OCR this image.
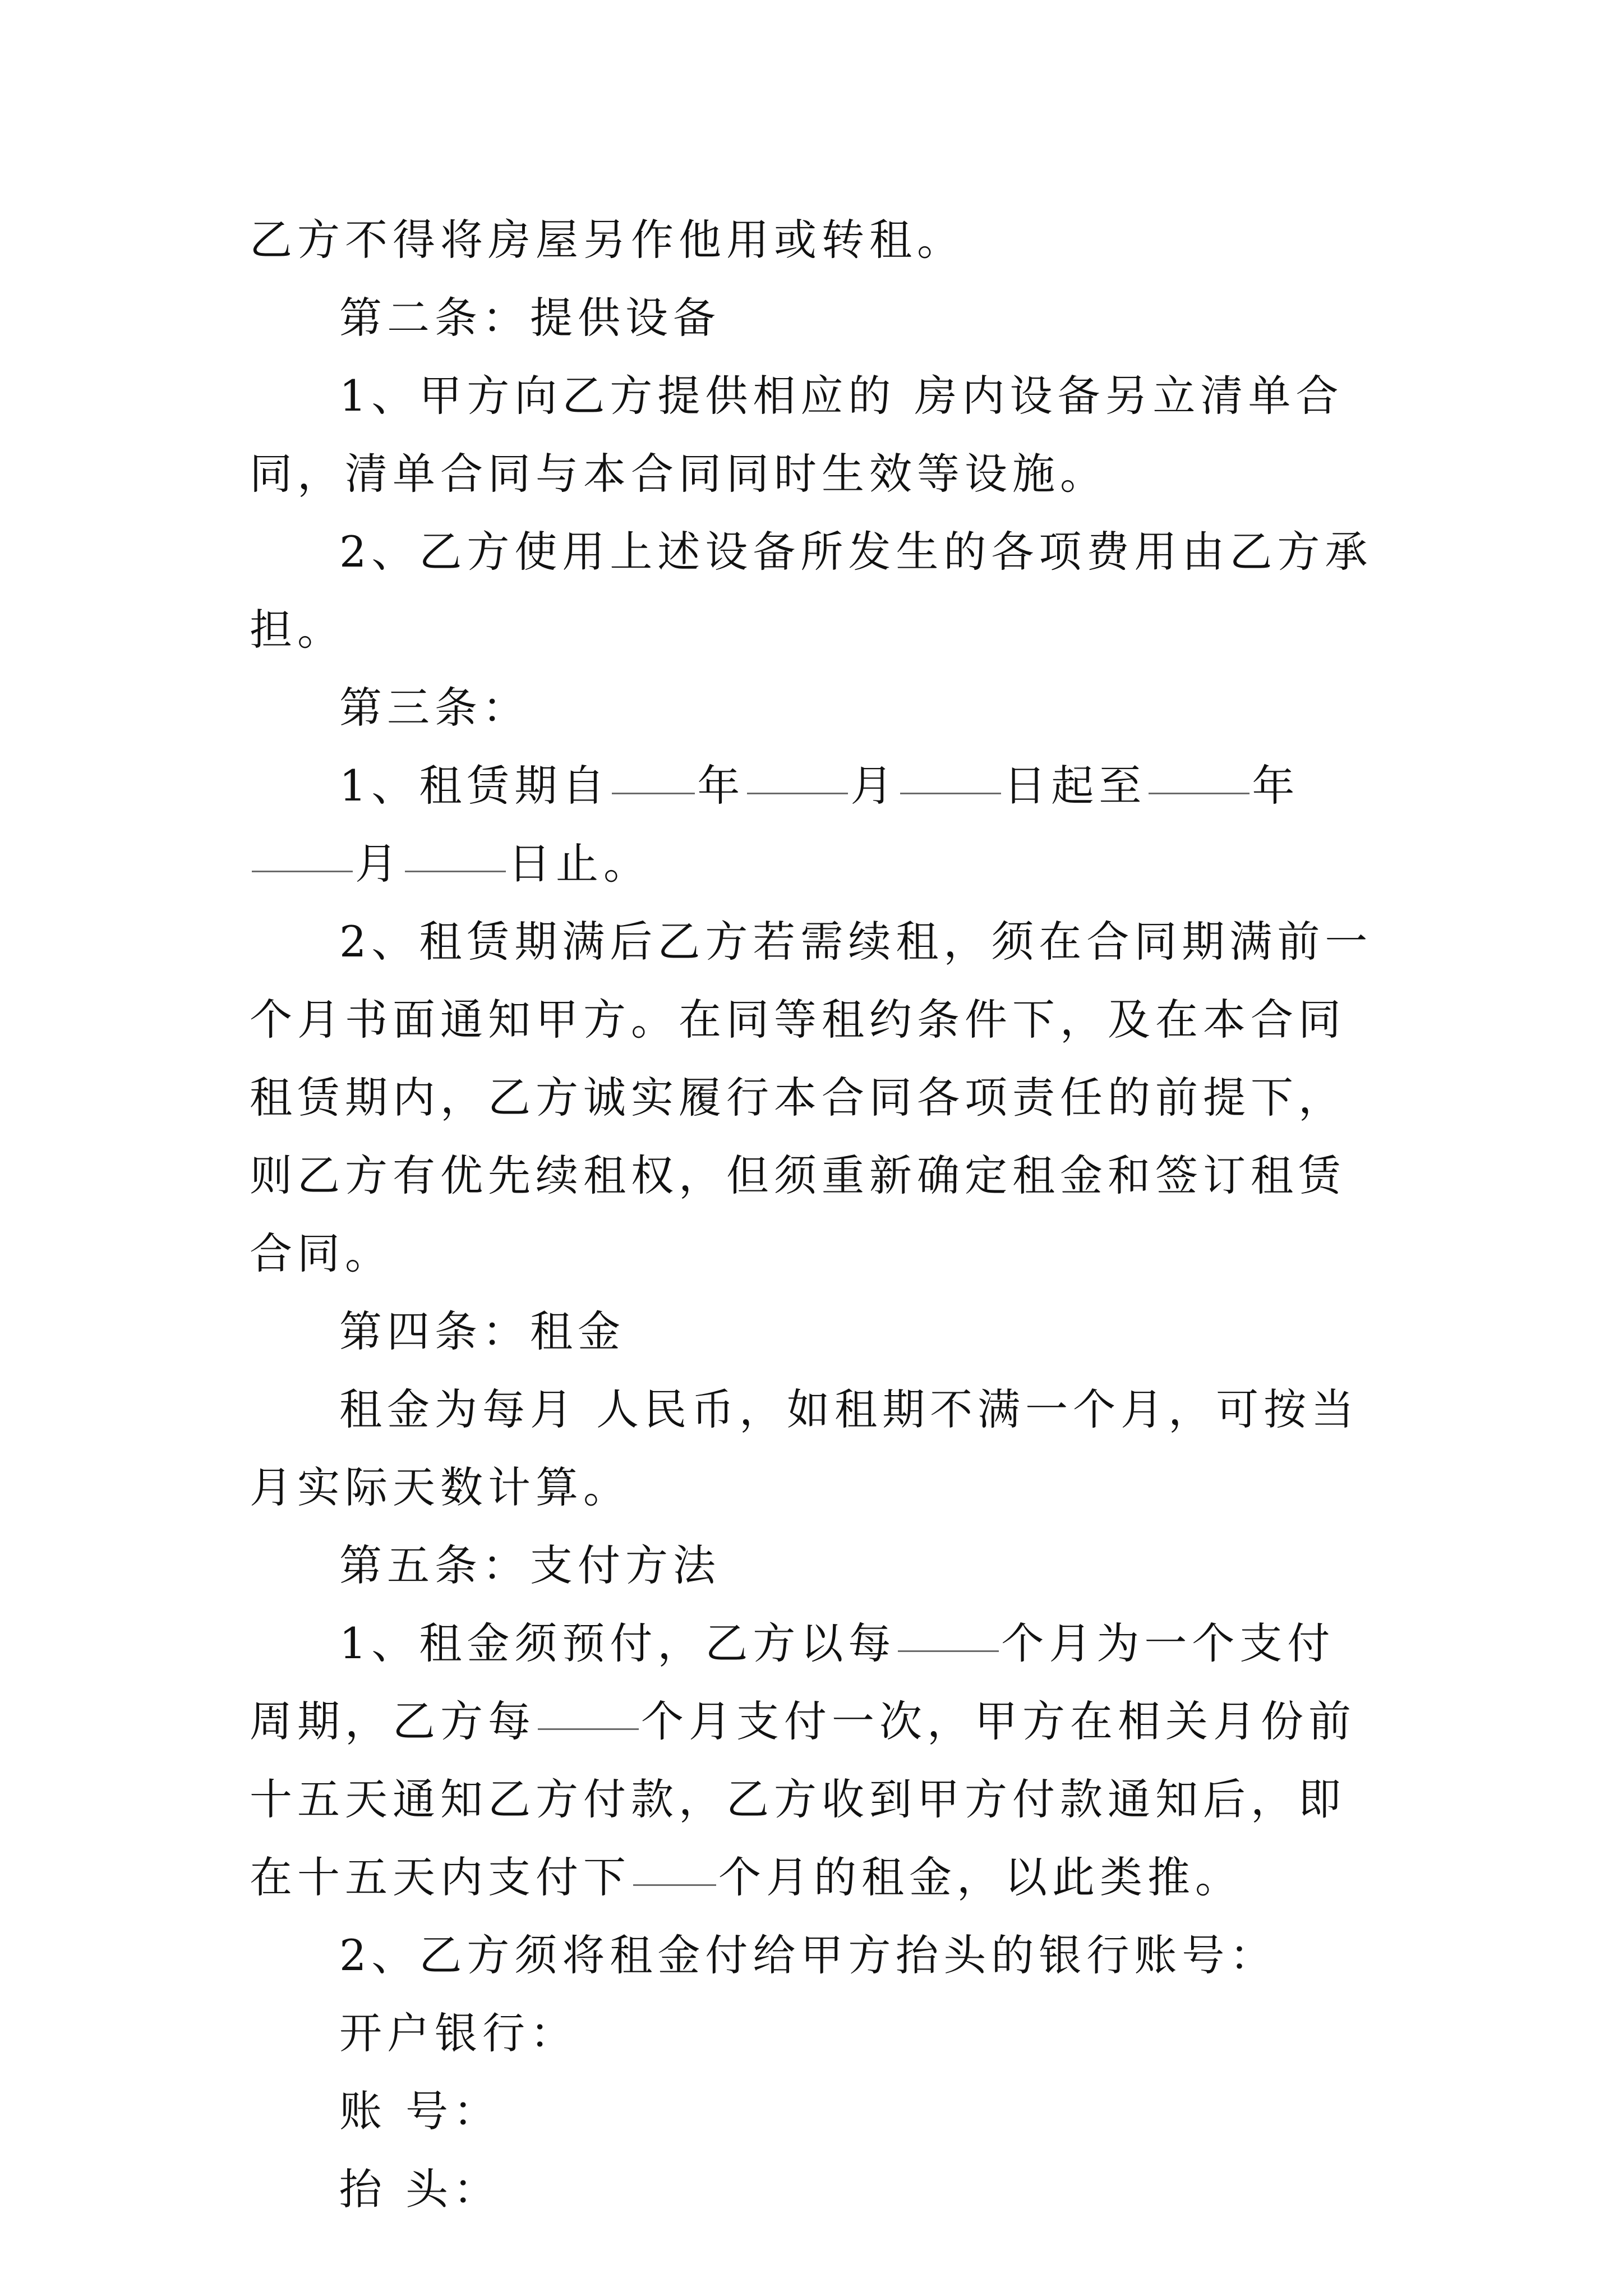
乙方不得将房屋另作他用或转租。

第二条：提供设备

1、甲方向乙方提供相应的 房内设备另立清单合同，清单合同与本合同同时生效等设施。

2、乙方使用上述设备所发生的各项费用由乙方承担。

第三条：

1、租赁期自 年 月 日起至 年月 日止。

2、租赁期满后乙方若需续租，须在合同期满前一个月书面通知甲方。在同等租约条件下，及在本合同租赁期内，乙方诚实履行本合同各项责任的前提下，则乙方有优先续租权，但须重新确定租金和签订租赁合同。

第四条：租金

租金为每月 人民币，如租期不满一个月，可按当月实际天数计算。

第五条：支付方法

1、租金须预付，乙方以每 个月为一个支付周期，乙方每 个月支付一次，甲方在相关月份前十五天通知乙方付款，乙方收到甲方付款通知后，即在十五天内支付下 个月的租金，以此类推。

2、乙方须将租金付给甲方抬头的银行账号：

开户银行：

账 号：

抬 头：
